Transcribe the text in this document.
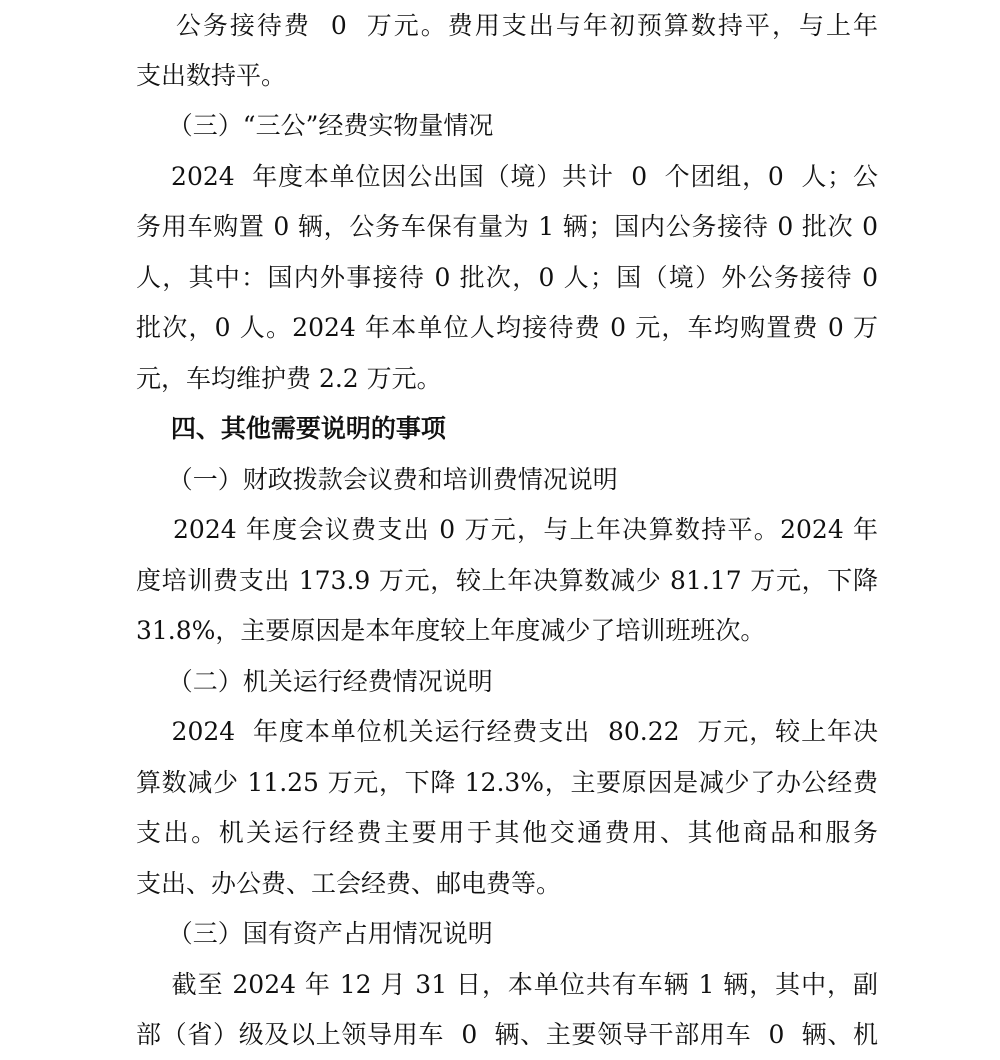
公务接待费  0  万元。费用支出与年初预算数持平，与上年
支出数持平。
（三）“三公”经费实物量情况
2024  年度本单位因公出国（境）共计  0  个团组，0  人；公
务用车购置 0 辆，公务车保有量为 1 辆；国内公务接待 0 批次 0
人，其中：国内外事接待 0 批次，0 人；国（境）外公务接待 0
批次，0 人。2024 年本单位人均接待费 0 元，车均购置费 0 万
元，车均维护费 2.2 万元。
四、其他需要说明的事项
（一）财政拨款会议费和培训费情况说明
2024 年度会议费支出 0 万元，与上年决算数持平。2024 年
度培训费支出 173.9 万元，较上年决算数减少 81.17 万元，下降
31.8%，主要原因是本年度较上年度减少了培训班班次。
（二）机关运行经费情况说明
2024  年度本单位机关运行经费支出  80.22  万元，较上年决
算数减少 11.25 万元，下降 12.3%，主要原因是减少了办公经费
支出。机关运行经费主要用于其他交通费用、其他商品和服务
支出、办公费、工会经费、邮电费等。
（三）国有资产占用情况说明
截至 2024 年 12 月 31 日，本单位共有车辆 1 辆，其中，副
部（省）级及以上领导用车  0  辆、主要领导干部用车  0  辆、机
